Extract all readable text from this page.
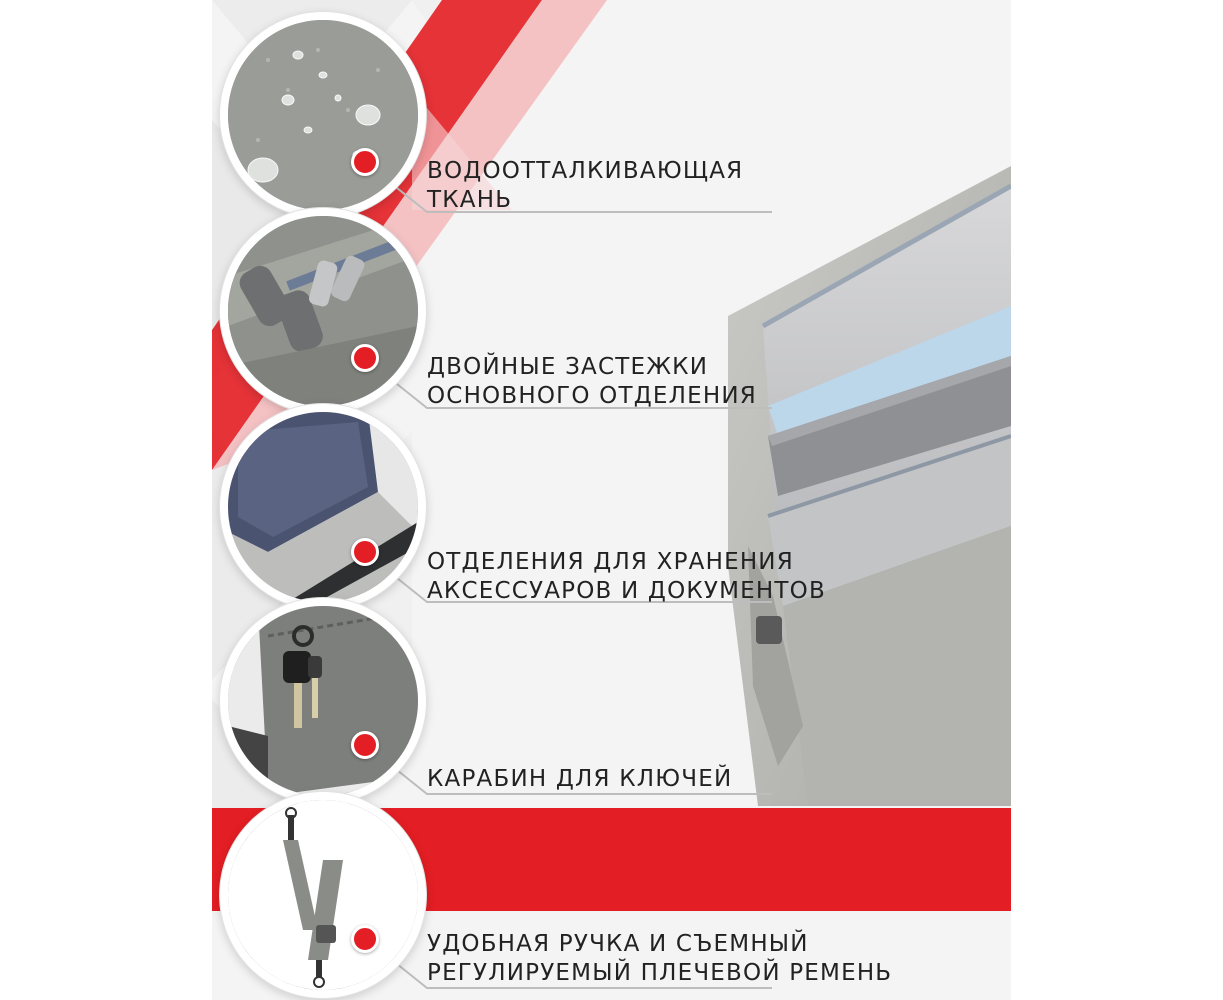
ВОДООТТАЛКИВАЮЩАЯ
ТКАНЬ
ДВОЙНЫЕ ЗАСТЕЖКИ
ОСНОВНОГО ОТДЕЛЕНИЯ
ОТДЕЛЕНИЯ ДЛЯ ХРАНЕНИЯ
АКСЕССУАРОВ И ДОКУМЕНТОВ
КАРАБИН ДЛЯ КЛЮЧЕЙ
УДОБНАЯ РУЧКА И СЪЕМНЫЙ
РЕГУЛИРУЕМЫЙ ПЛЕЧЕВОЙ РЕМЕНЬ
